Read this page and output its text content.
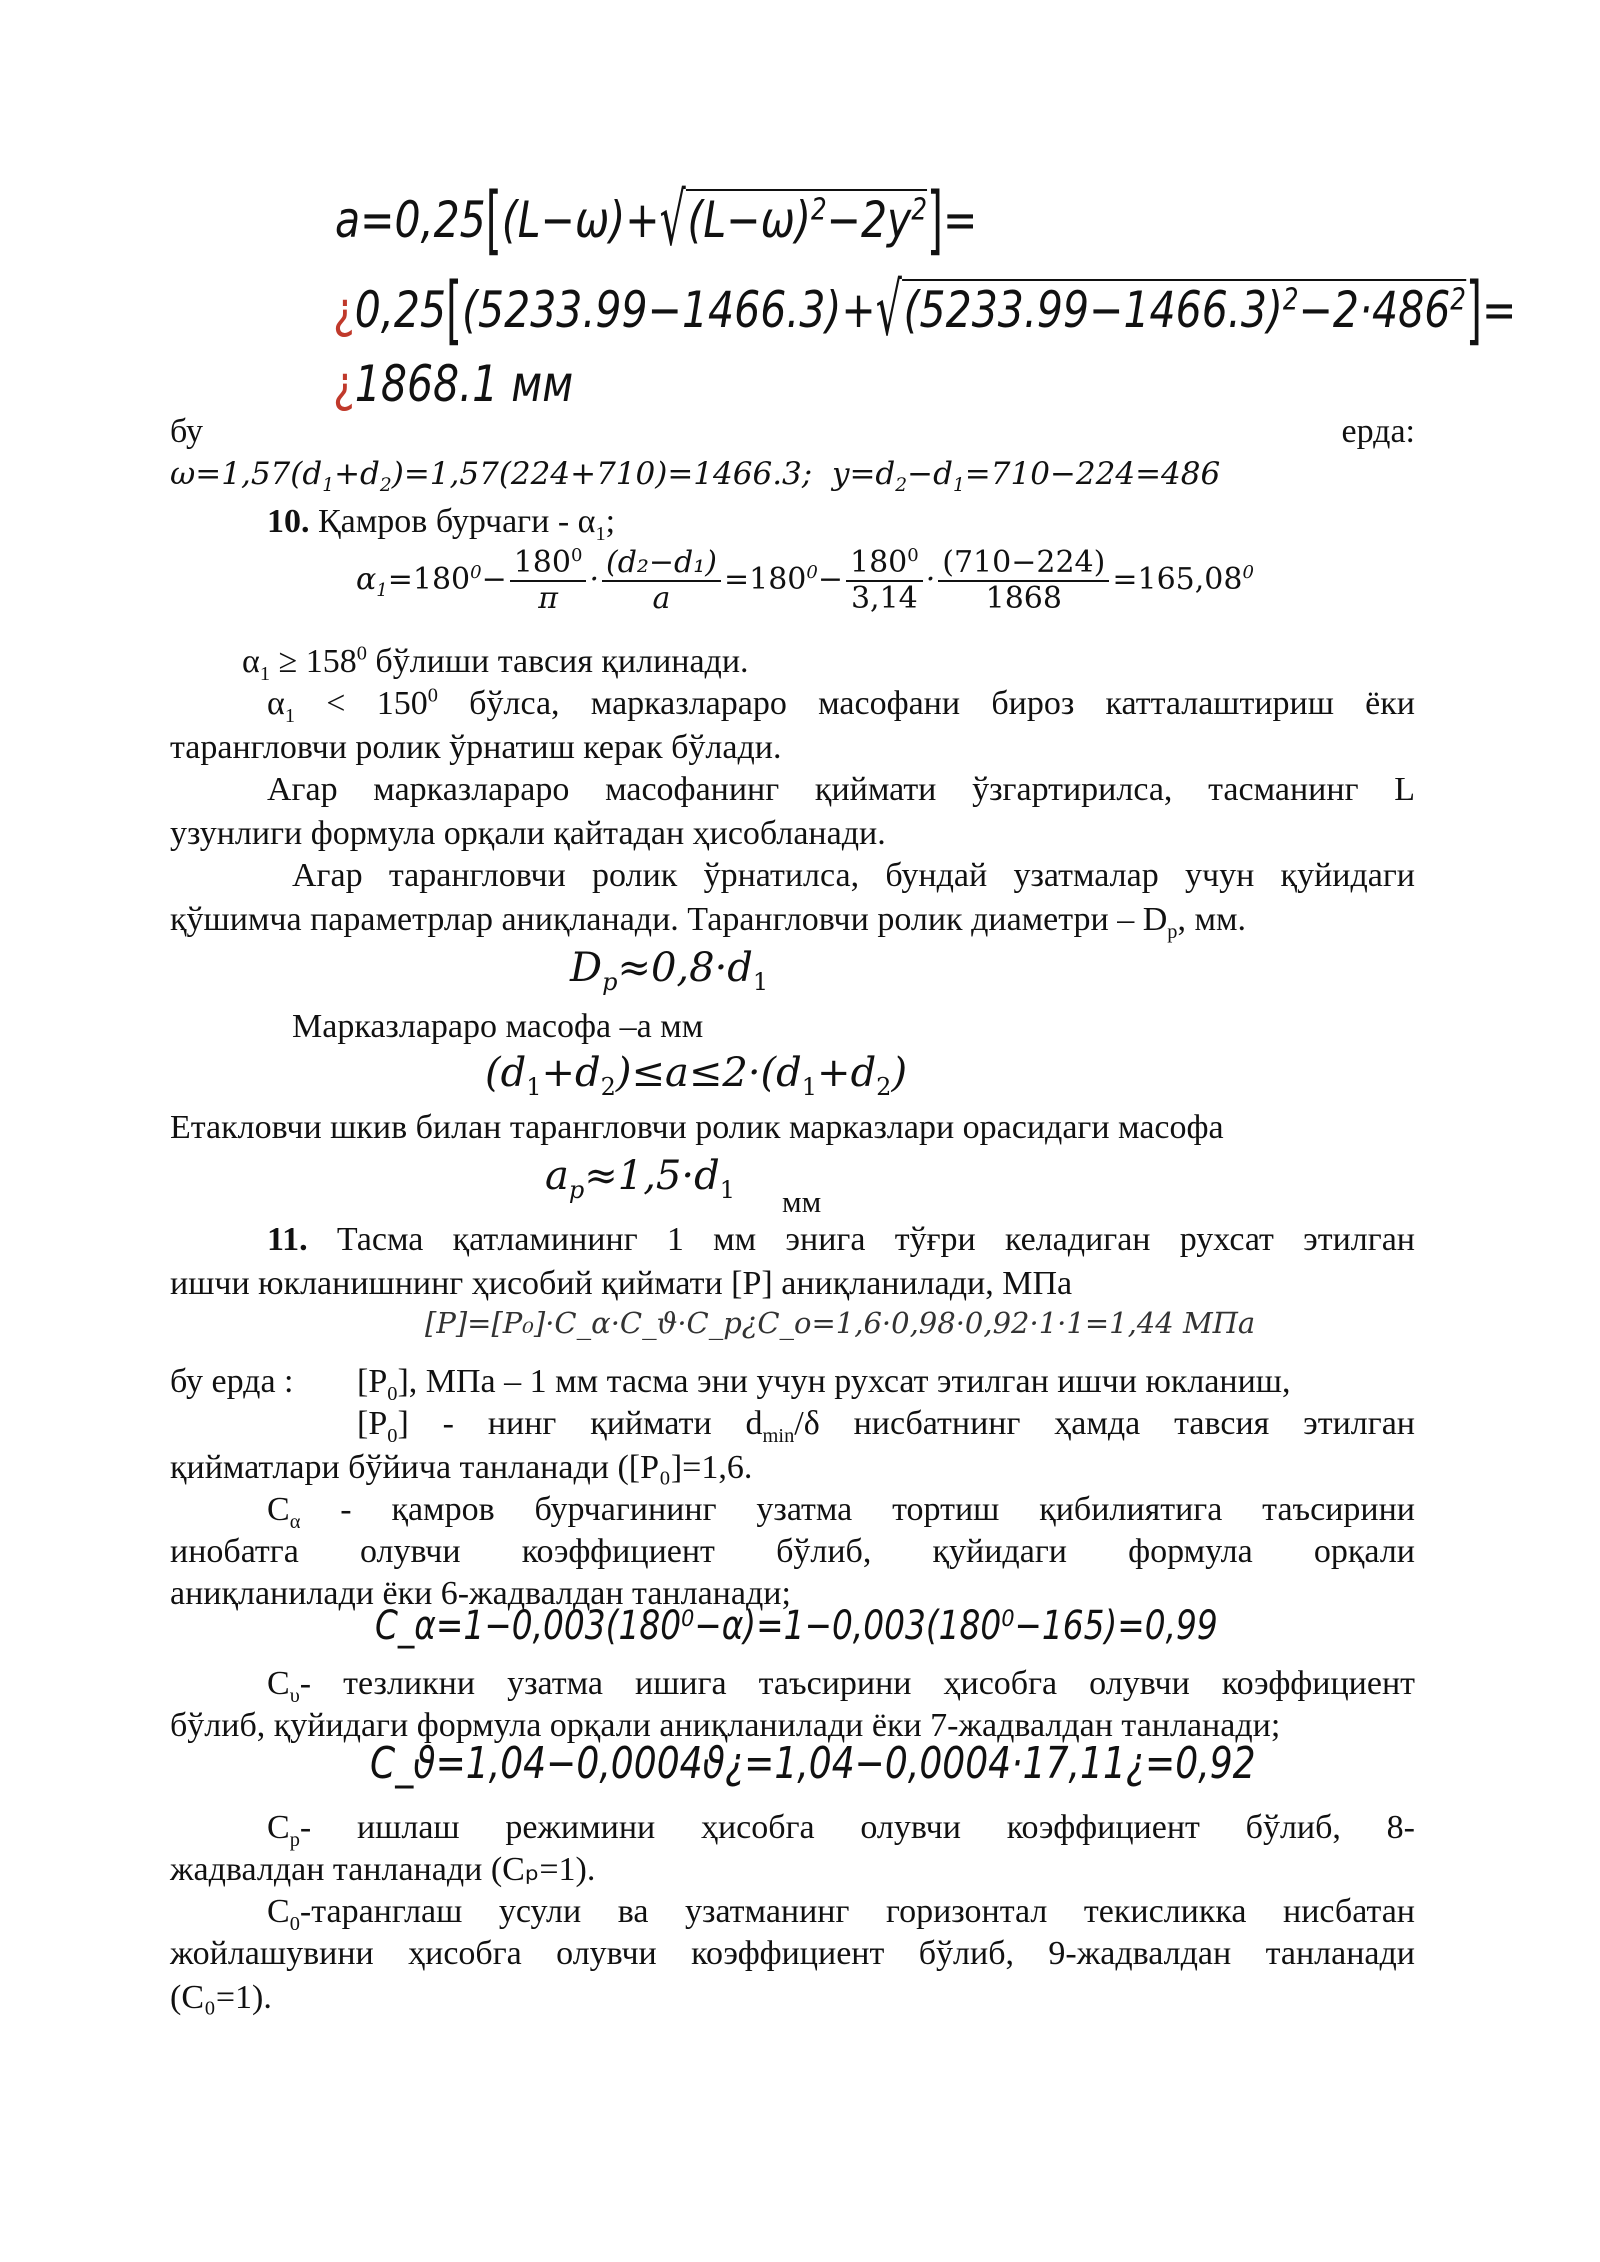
$a=0,25[(L-\omega)+√(L-\omega)^2-2y^2]=$
¿$0,25[(5233.99-1466.3)+√(5233.99-1466.3)^2-2\cdot 486^2]=$
¿1868.1 мм
бу	ерда:
$\omega=1,57(d_1+d_2)=1,57(224+710)=1466.3$; $y=d_2-d_1=710-224=486$
10. Қамров бурчаги - $\alpha_1$;
$\alpha_1=180^0- \frac{180^0}{\pi} \cdot \frac{\text{(d₂−d₁)}}{a} =180^0- \frac{180^0}{3,14} \cdot \frac{(710-224)}{1868} =165,08^0$
$\alpha_1 \ge 158^0$ бўлиши тавсия қилинади.
$\alpha_1 < 150^0$ бўлса, марказлараро масофани бироз катталаштириш ёки
тарангловчи ролик ўрнатиш керак бўлади.
Агар марказлараро масофанинг қиймати ўзгартирилса, тасманинг L
узунлиги формула орқали қайтадан ҳисобланади.
Агар тарангловчи ролик ўрнатилса, бундай узатмалар учун қуйидаги
қўшимча параметрлар аниқланади. Тарангловчи ролик диаметри – $D_р$, мм.
$D_p\approx 0,8\cdot d_1$
Марказлараро масофа –а мм
$(d_1+d_2)\le a\le 2\cdot(d_1+d_2)$
Етакловчи шкив билан тарангловчи ролик марказлари орасидаги масофа
$a_p\approx 1,5\cdot d_1$ мм
11. Тасма қатламининг 1 мм энига тўғри келадиган рухсат этилган
ишчи юкланишнинг ҳисобий қиймати [Р] аниқланилади, МПа
[P]=[P₀]·C_α·C_ϑ·C_p¿C_o=1,6·0,98·0,92·1·1=1,44 МПа
бу ерда : $[P_0]$, МПа – 1 мм тасма эни учун рухсат этилган ишчи юкланиш,
$[P_0]$ - нинг қиймати $d_{min}/\delta$ нисбатнинг ҳамда тавсия этилган
қийматлари бўйича танланади ([P₀]=1,6.
$С_\alpha$ - қамров бурчагининг узатма тортиш қибилиятига таъсирини
инобатга олувчи коэффициент бўлиб, қуйидаги формула орқали
аниқланилади ёки 6-жадвалдан танланади;
C_α=1−0,003(180⁰−α)=1−0,003(180⁰−165)=0,99
$С_\upsilon-$ тезликни узатма ишига таъсирини ҳисобга олувчи коэффициент
бўлиб, қуйидаги формула орқали аниқланилади ёки 7-жадвалдан танланади;
C_ϑ=1,04−0,0004ϑ¿=1,04−0,0004·17,11¿=0,92
$С_р-$ ишлаш режимини ҳисобга олувчи коэффициент бўлиб, 8-
жадвалдан танланади (Сₚ=1).
$С_0$-таранглаш усули ва узатманинг горизонтал текисликка нисбатан
жойлашувини ҳисобга олувчи коэффициент бўлиб, 9-жадвалдан танланади
(С₀=1).
